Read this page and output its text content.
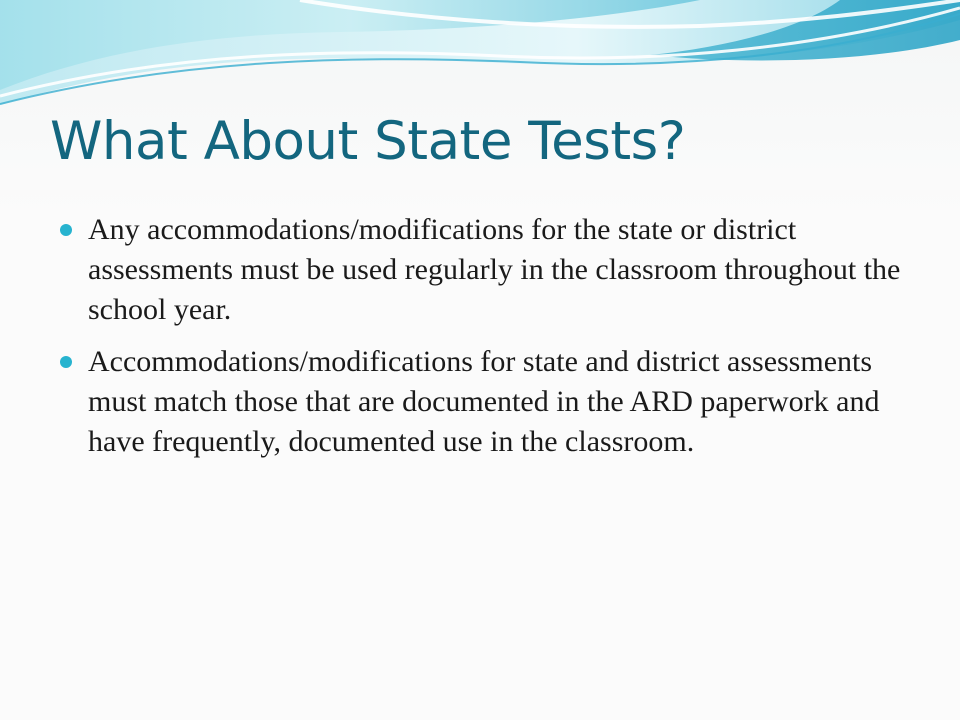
What About State Tests?
Any accommodations/modifications for the state or district assessments must be used regularly in the classroom throughout the school year.
Accommodations/modifications for state and district assessments must match those that are documented in the ARD paperwork and have frequently, documented use in the classroom.
